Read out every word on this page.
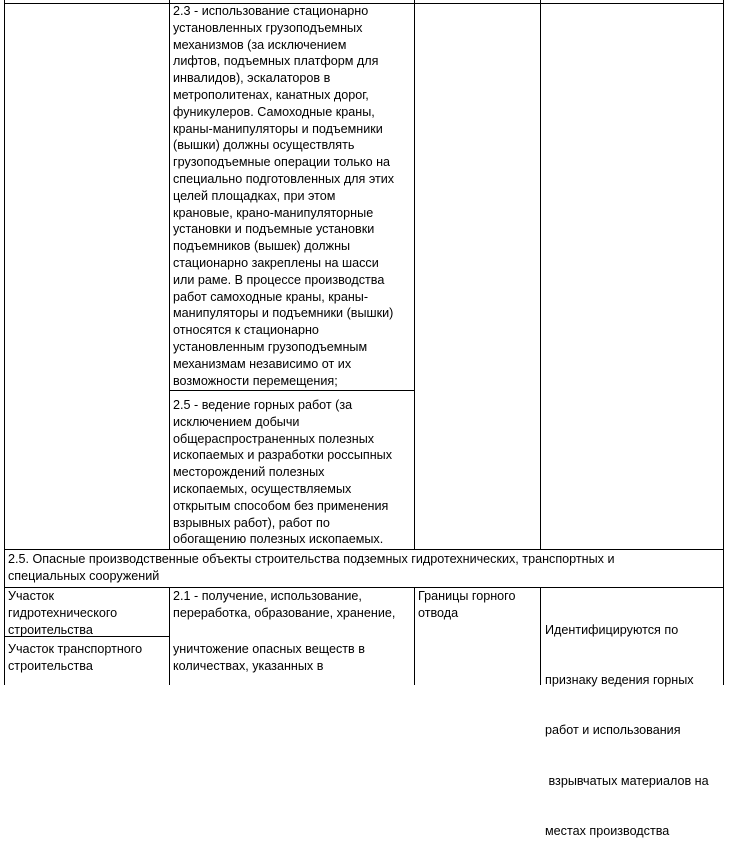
2.3 - использование стационарно
установленных грузоподъемных
механизмов (за исключением
лифтов, подъемных платформ для
инвалидов), эскалаторов в
метрополитенах, канатных дорог,
фуникулеров. Самоходные краны,
краны-манипуляторы и подъемники
(вышки) должны осуществлять
грузоподъемные операции только на
специально подготовленных для этих
целей площадках, при этом
крановые, крано-манипуляторные
установки и подъемные установки
подъемников (вышек) должны
стационарно закреплены на шасси
или раме. В процессе производства
работ самоходные краны, краны-
манипуляторы и подъемники (вышки)
относятся к стационарно
установленным грузоподъемным
механизмам независимо от их
возможности перемещения;
2.5 - ведение горных работ (за
исключением добычи
общераспространенных полезных
ископаемых и разработки россыпных
месторождений полезных
ископаемых, осуществляемых
открытым способом без применения
взрывных работ), работ по
обогащению полезных ископаемых.
2.5. Опасные производственные объекты строительства подземных гидротехнических, транспортных и
специальных сооружений
Участок
гидротехнического
строительства
Участок транспортного
строительства
2.1 - получение, использование,
переработка, образование, хранение,
уничтожение опасных веществ в
количествах, указанных в
Границы горного
отвода

Идентифицируются по

признаку ведения горных

работ и использования

взрывчатых материалов на

местах производства
